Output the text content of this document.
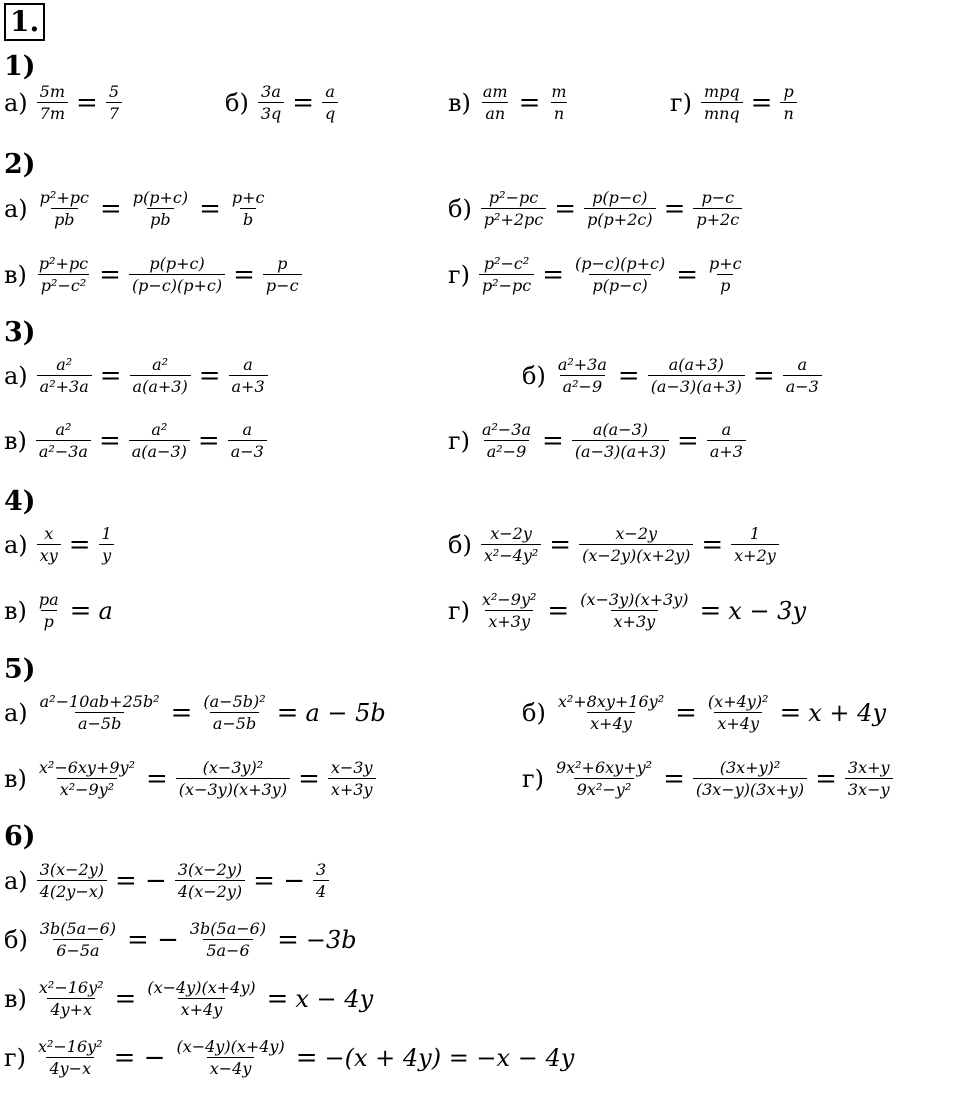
1.
1)
$а) \frac{5m}{7m} = \frac{5}{7}$	$б) \frac{3a}{3q} = \frac{a}{q}$	$в) \frac{am}{an} = \frac{m}{n}$	$г) \frac{\text{mpq}}{\text{mnq}} = \frac{p}{n}$
2)
$а) \frac{\text{p²+pc}}{pb} = \frac{p(p+c)}{pb} = \frac{p+c}{b}$	$б) \frac{\text{p²−pc}}{\text{p²+2pc}} = \frac{p(p-c)}{p(p+2c)} = \frac{p-c}{p+2c}$
$в) \frac{\text{p²+pc}}{\text{p²−c²}} = \frac{p(p+c)}{(p-c)(p+c)} = \frac{p}{p-c}$	$г) \frac{\text{p²−c²}}{\text{p²−pc}} = \frac{(p-c)(p+c)}{p(p-c)} = \frac{p+c}{p}$
3)
$а) \frac{\text{a²}}{\text{a²+3a}} = \frac{\text{a²}}{a(a+3)} = \frac{a}{a+3}$	$б) \frac{\text{a²+3a}}{\text{a²−9}} = \frac{a(a+3)}{(a-3)(a+3)} = \frac{a}{a-3}$
$в) \frac{\text{a²}}{\text{a²−3a}} = \frac{\text{a²}}{a(a-3)} = \frac{a}{a-3}$	$г) \frac{\text{a²−3a}}{\text{a²−9}} = \frac{a(a-3)}{(a-3)(a+3)} = \frac{a}{a+3}$
4)
$а) \frac{x}{xy} = \frac{1}{y}$	$б) \frac{x-2y}{\text{x²−4y²}} = \frac{x-2y}{(x-2y)(x+2y)} = \frac{1}{x+2y}$
$в) \frac{pa}{p} = a$	$г) \frac{\text{x²−9y²}}{x+3y} = \frac{(x-3y)(x+3y)}{x+3y} = x - 3y$
5)
$а) \frac{\text{a²−10ab+25b²}}{a-5b} = \frac{\text{(a−5b)²}}{a-5b} = a - 5b$	$б) \frac{\text{x²+8xy+16y²}}{x+4y} = \frac{\text{(x+4y)²}}{x+4y} = x + 4y$
$в) \frac{\text{x²−6xy+9y²}}{\text{x²−9y²}} = \frac{\text{(x−3y)²}}{(x-3y)(x+3y)} = \frac{x-3y}{x+3y}$	$г) \frac{\text{9x²+6xy+y²}}{\text{9x²−y²}} = \frac{\text{(3x+y)²}}{(3x-y)(3x+y)} = \frac{3x+y}{3x-y}$
6)
$а) \frac{3(x-2y)}{4(2y-x)}$ = − $\frac{3(x-2y)}{4(x-2y)}$ = − $\frac{3}{4}$
$б) \frac{3b(5a-6)}{6-5a}$ = − $\frac{3b(5a-6)}{5a-6} = -3b$
$в) \frac{\text{x²−16y²}}{4y+x} = \frac{(x-4y)(x+4y)}{x+4y} = x - 4y$
$г) \frac{\text{x²−16y²}}{4y-x}$ = − $\frac{(x-4y)(x+4y)}{x-4y} = -(x + 4y) = -x - 4y$
